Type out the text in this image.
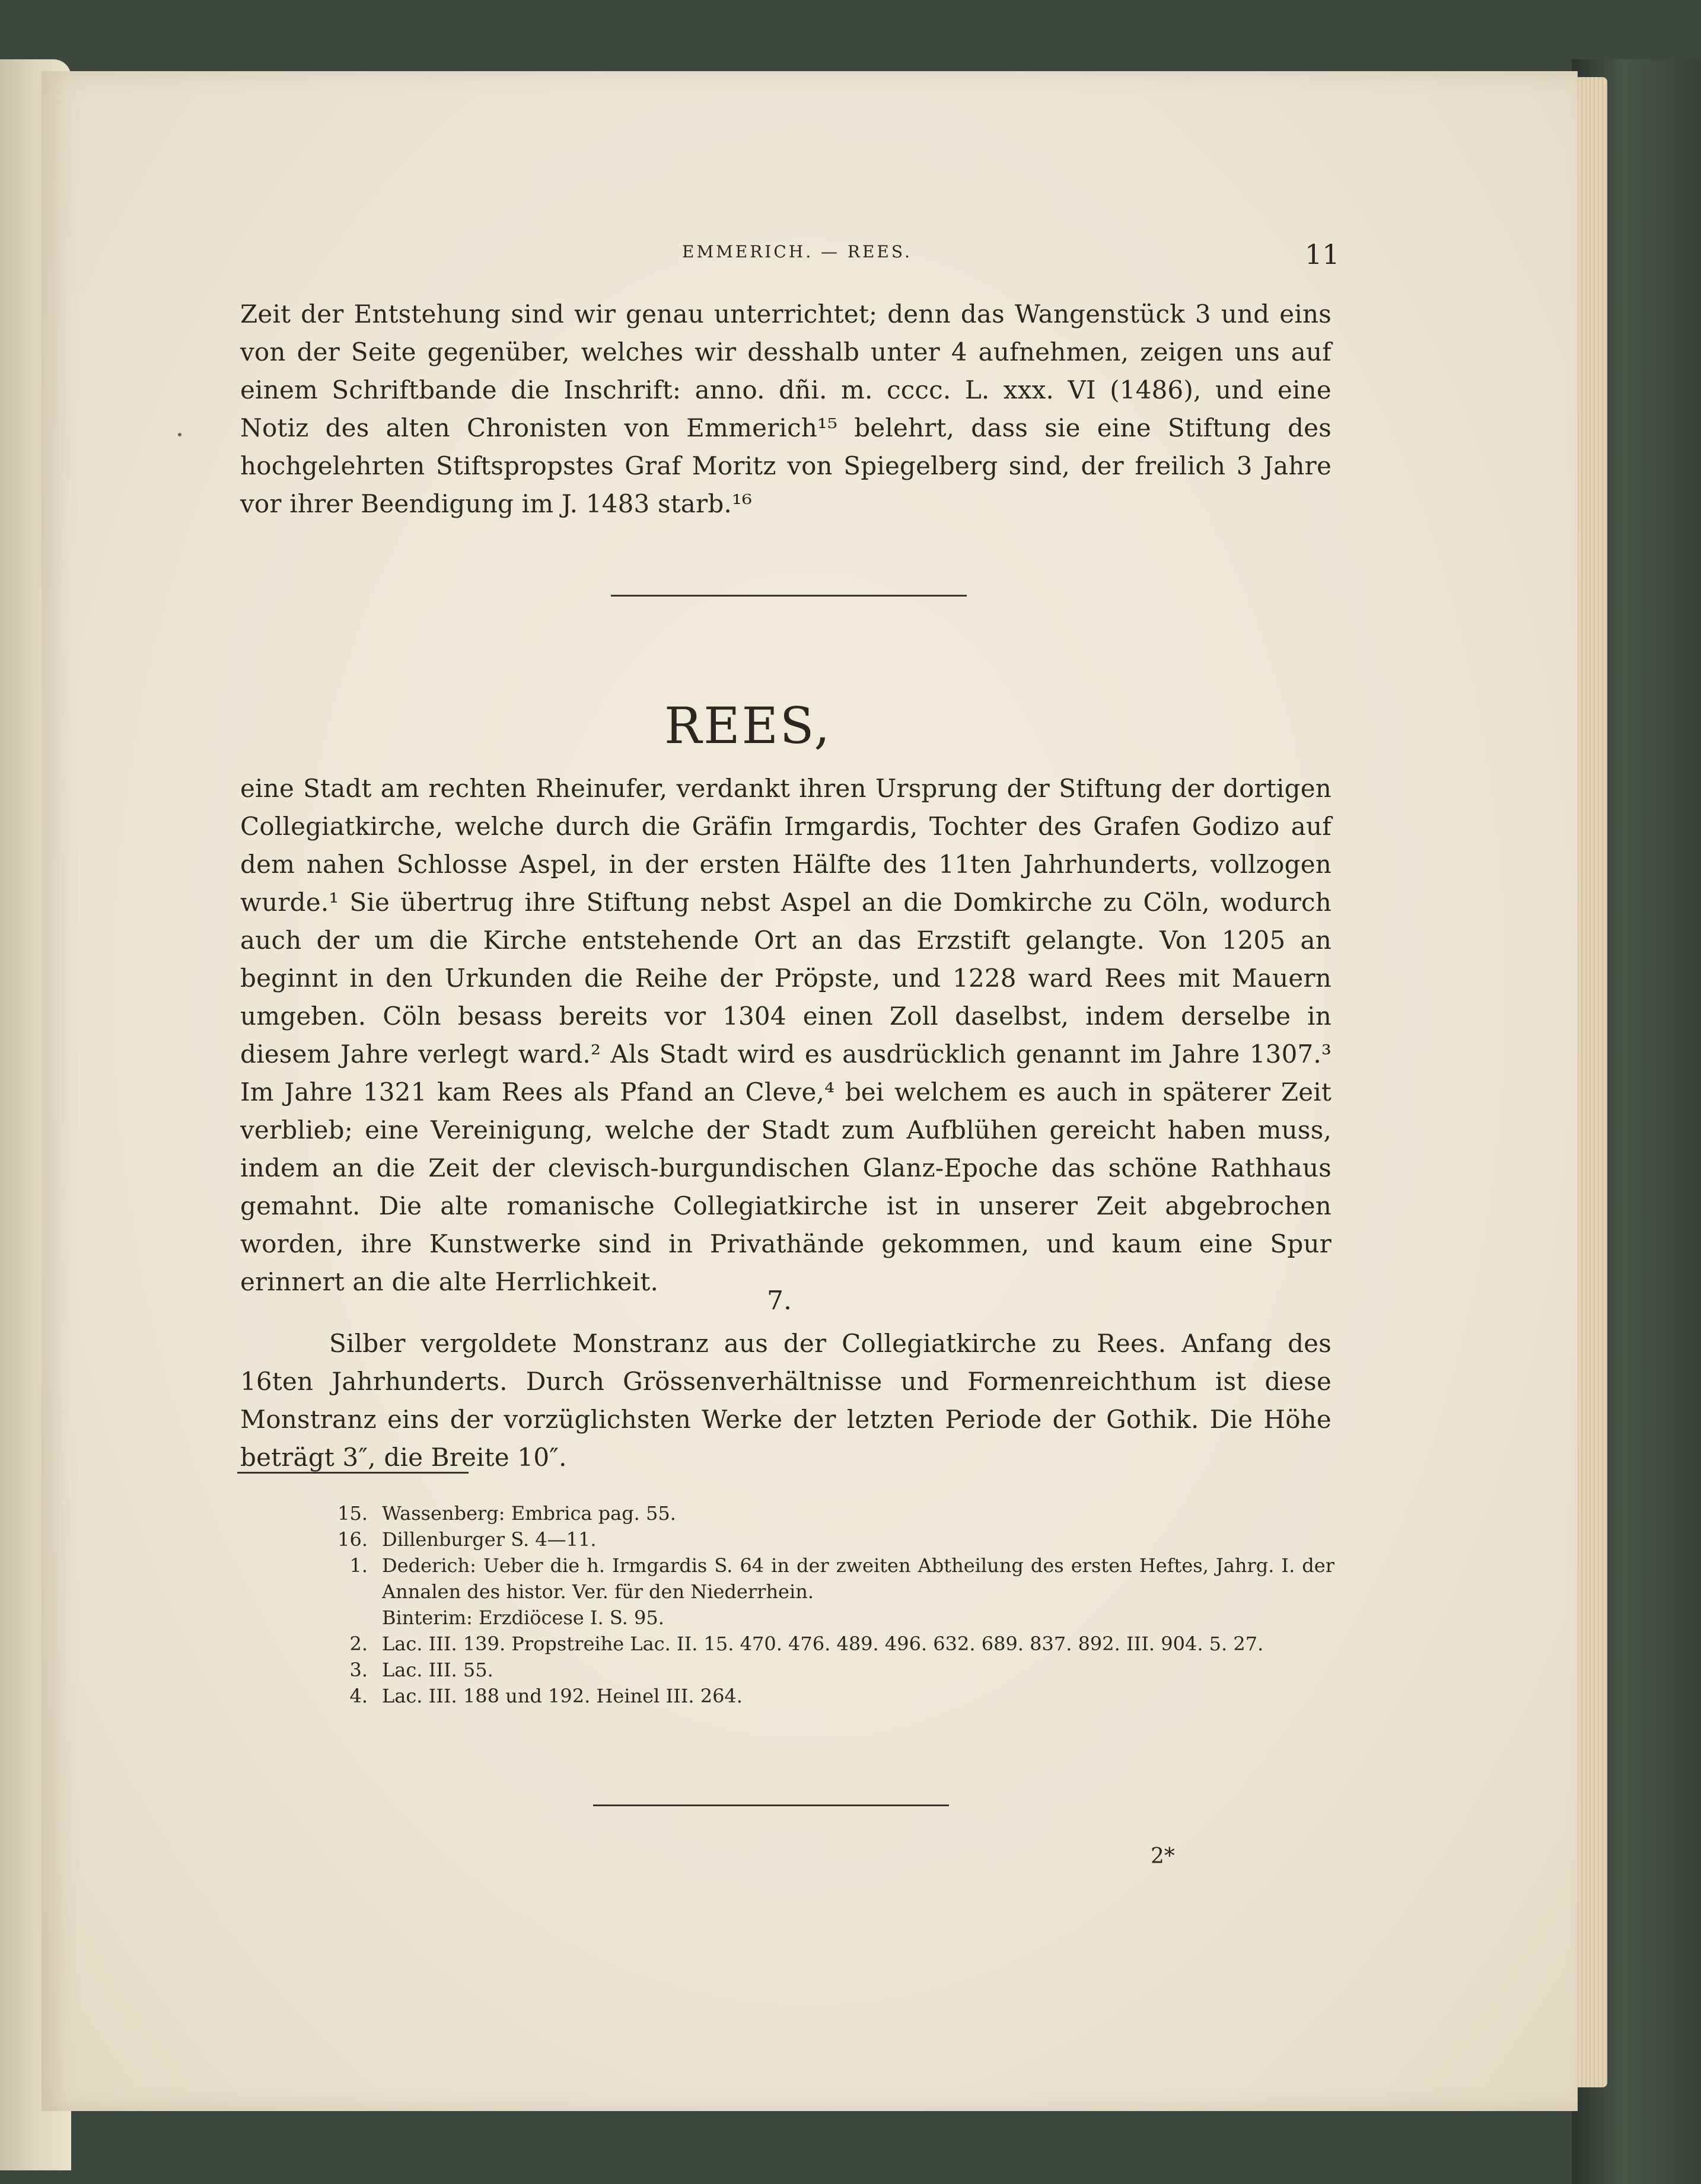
EMMERICH. — REES.	11

Zeit der Entstehung sind wir genau unterrichtet; denn das Wangenstück 3 und eins von der Seite gegenüber, welches wir desshalb unter 4 aufnehmen, zeigen uns auf einem Schriftbande die Inschrift: anno. dñi. m. cccc. L. xxx. VI (1486), und eine Notiz des alten Chronisten von Emmerich¹⁵ belehrt, dass sie eine Stiftung des hochgelehrten Stiftspropstes Graf Moritz von Spiegelberg sind, der freilich 3 Jahre vor ihrer Beendigung im J. 1483 starb.¹⁶

REES,

eine Stadt am rechten Rheinufer, verdankt ihren Ursprung der Stiftung der dortigen Collegiatkirche, welche durch die Gräfin Irmgardis, Tochter des Grafen Godizo auf dem nahen Schlosse Aspel, in der ersten Hälfte des 11ten Jahrhunderts, vollzogen wurde.¹ Sie übertrug ihre Stiftung nebst Aspel an die Domkirche zu Cöln, wodurch auch der um die Kirche entstehende Ort an das Erzstift gelangte. Von 1205 an beginnt in den Urkunden die Reihe der Pröpste, und 1228 ward Rees mit Mauern umgeben. Cöln besass bereits vor 1304 einen Zoll daselbst, indem derselbe in diesem Jahre verlegt ward.² Als Stadt wird es ausdrücklich genannt im Jahre 1307.³ Im Jahre 1321 kam Rees als Pfand an Cleve,⁴ bei welchem es auch in späterer Zeit verblieb; eine Vereinigung, welche der Stadt zum Aufblühen gereicht haben muss, indem an die Zeit der clevisch-burgundischen Glanz-Epoche das schöne Rathhaus gemahnt. Die alte romanische Collegiatkirche ist in unserer Zeit abgebrochen worden, ihre Kunstwerke sind in Privathände gekommen, und kaum eine Spur erinnert an die alte Herrlichkeit.

7.

Silber vergoldete Monstranz aus der Collegiatkirche zu Rees. Anfang des 16ten Jahrhunderts. Durch Grössenverhältnisse und Formenreichthum ist diese Monstranz eins der vorzüglichsten Werke der letzten Periode der Gothik. Die Höhe beträgt 3″, die Breite 10″.

15. Wassenberg: Embrica pag. 55.
16. Dillenburger S. 4—11.
1. Dederich: Ueber die h. Irmgardis S. 64 in der zweiten Abtheilung des ersten Heftes, Jahrg. I. der Annalen des histor. Ver. für den Niederrhein.
Binterim: Erzdiöcese I. S. 95.
2. Lac. III. 139. Propstreihe Lac. II. 15. 470. 476. 489. 496. 632. 689. 837. 892. III. 904. 5. 27.
3. Lac. III. 55.
4. Lac. III. 188 und 192. Heinel III. 264.
2*
